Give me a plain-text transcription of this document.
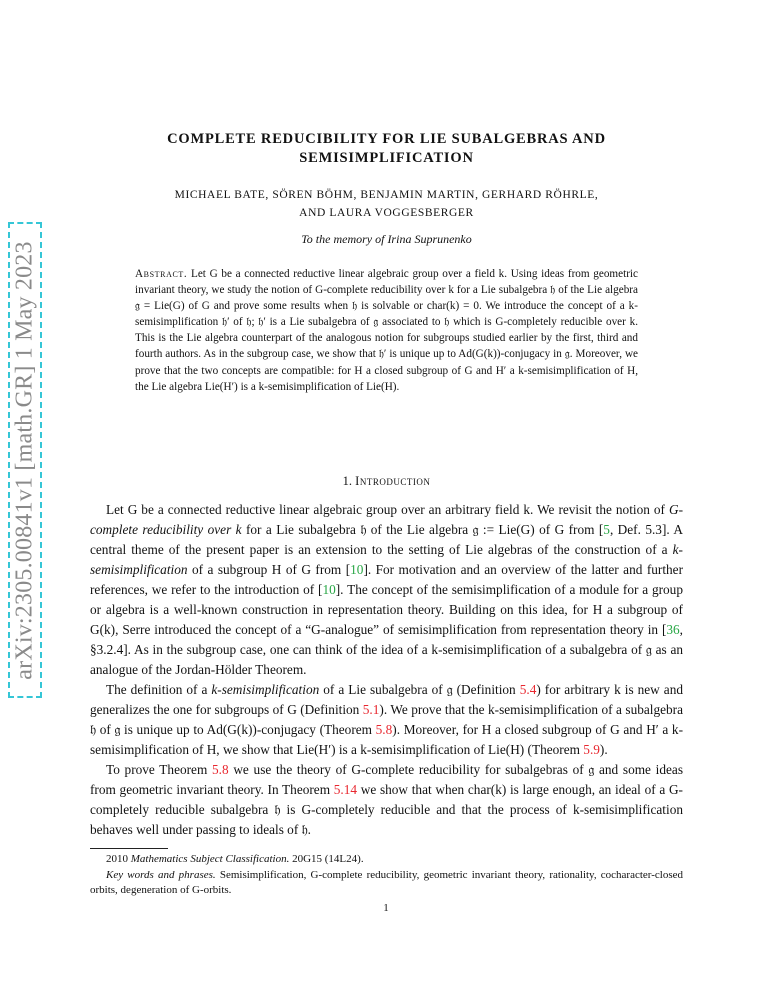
arXiv:2305.00841v1 [math.GR] 1 May 2023
COMPLETE REDUCIBILITY FOR LIE SUBALGEBRAS AND SEMISIMPLIFICATION
MICHAEL BATE, SÖREN BÖHM, BENJAMIN MARTIN, GERHARD RÖHRLE,
AND LAURA VOGGESBERGER
To the memory of Irina Suprunenko
Abstract. Let G be a connected reductive linear algebraic group over a field k. Using ideas from geometric invariant theory, we study the notion of G-complete reducibility over k for a Lie subalgebra 𝔥 of the Lie algebra 𝔤 = Lie(G) of G and prove some results when 𝔥 is solvable or char(k) = 0. We introduce the concept of a k-semisimplification 𝔥′ of 𝔥; 𝔥′ is a Lie subalgebra of 𝔤 associated to 𝔥 which is G-completely reducible over k. This is the Lie algebra counterpart of the analogous notion for subgroups studied earlier by the first, third and fourth authors. As in the subgroup case, we show that 𝔥′ is unique up to Ad(G(k))-conjugacy in 𝔤. Moreover, we prove that the two concepts are compatible: for H a closed subgroup of G and H′ a k-semisimplification of H, the Lie algebra Lie(H′) is a k-semisimplification of Lie(H).
1. Introduction

Let G be a connected reductive linear algebraic group over an arbitrary field k. We revisit the notion of G-complete reducibility over k for a Lie subalgebra 𝔥 of the Lie algebra 𝔤 := Lie(G) of G from [5, Def. 5.3]. A central theme of the present paper is an extension to the setting of Lie algebras of the construction of a k-semisimplification of a subgroup H of G from [10]. For motivation and an overview of the latter and further references, we refer to the introduction of [10]. The concept of the semisimplification of a module for a group or algebra is a well-known construction in representation theory. Building on this idea, for H a subgroup of G(k), Serre introduced the concept of a “G-analogue” of semisimplification from representation theory in [36, §3.2.4]. As in the subgroup case, one can think of the idea of a k-semisimplification of a subalgebra of 𝔤 as an analogue of the Jordan-Hölder Theorem.

The definition of a k-semisimplification of a Lie subalgebra of 𝔤 (Definition 5.4) for arbitrary k is new and generalizes the one for subgroups of G (Definition 5.1). We prove that the k-semisimplification of a subalgebra 𝔥 of 𝔤 is unique up to Ad(G(k))-conjugacy (Theorem 5.8). Moreover, for H a closed subgroup of G and H′ a k-semisimplification of H, we show that Lie(H′) is a k-semisimplification of Lie(H) (Theorem 5.9).

To prove Theorem 5.8 we use the theory of G-complete reducibility for subalgebras of 𝔤 and some ideas from geometric invariant theory. In Theorem 5.14 we show that when char(k) is large enough, an ideal of a G-completely reducible subalgebra 𝔥 is G-completely reducible and that the process of k-semisimplification behaves well under passing to ideals of 𝔥.

2010 Mathematics Subject Classification. 20G15 (14L24).

Key words and phrases. Semisimplification, G-complete reducibility, geometric invariant theory, rationality, cocharacter-closed orbits, degeneration of G-orbits.

1
